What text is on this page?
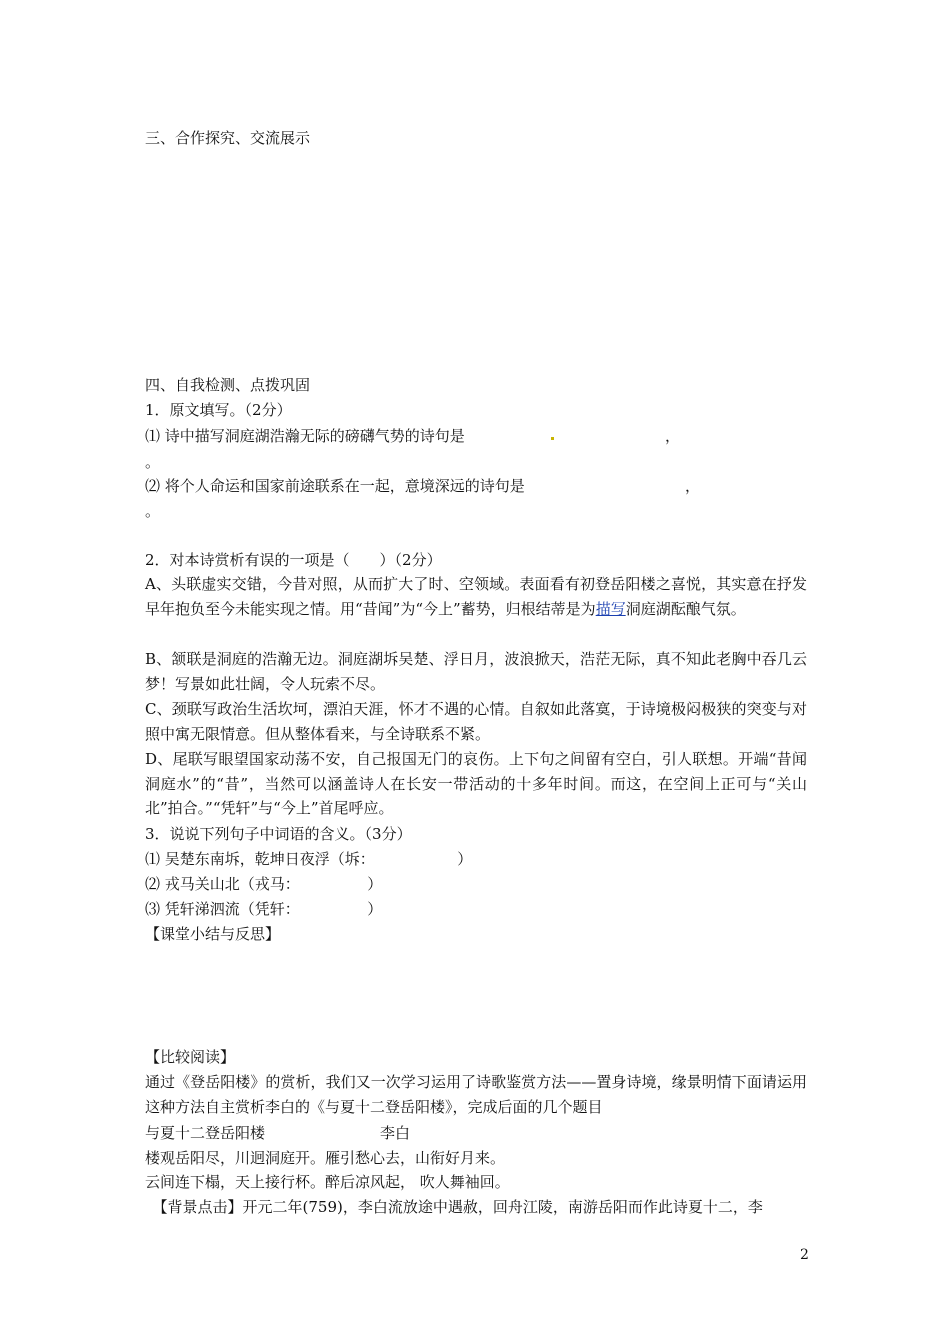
三、合作探究、交流展示
四、自我检测、点拨巩固
1．原文填写。（2分）
⑴ 诗中描写洞庭湖浩瀚无际的磅礴气势的诗句是	，
。
⑵ 将个人命运和国家前途联系在一起，意境深远的诗句是	，
。
2．对本诗赏析有误的一项是（　　）（2分）
A、头联虚实交错，今昔对照，从而扩大了时、空领域。表面看有初登岳阳楼之喜悦，其实意在抒发早年抱负至今未能实现之情。用“昔闻”为“今上”蓄势，归根结蒂是为描写洞庭湖酝酿气氛。
B、颔联是洞庭的浩瀚无边。洞庭湖坼吴楚、浮日月，波浪掀天，浩茫无际，真不知此老胸中吞几云梦！写景如此壮阔，令人玩索不尽。
C、颈联写政治生活坎坷，漂泊天涯，怀才不遇的心情。自叙如此落寞，于诗境极闷极狭的突变与对照中寓无限情意。但从整体看来，与全诗联系不紧。
D、尾联写眼望国家动荡不安，自己报国无门的哀伤。上下句之间留有空白，引人联想。开端“昔闻洞庭水”的“昔”，当然可以涵盖诗人在长安一带活动的十多年时间。而这，在空间上正可与“关山北”拍合。”“凭轩”与“今上”首尾呼应。
3．说说下列句子中词语的含义。（3分）
⑴ 吴楚东南坼，乾坤日夜浮（坼：　　　　　　）
⑵ 戎马关山北（戎马：　　　　　）
⑶ 凭轩涕泗流（凭轩：　　　　　）
【课堂小结与反思】
【比较阅读】
通过《登岳阳楼》的赏析，我们又一次学习运用了诗歌鉴赏方法——置身诗境，缘景明情下面请运用这种方法自主赏析李白的《与夏十二登岳阳楼》，完成后面的几个题目
与夏十二登岳阳楼	李白
楼观岳阳尽，川迥洞庭开。雁引愁心去，山衔好月来。
云间连下榻，天上接行杯。醉后凉风起， 吹人舞袖回。
　【背景点击】开元二年(759)，李白流放途中遇赦，回舟江陵，南游岳阳而作此诗夏十二，李
2
